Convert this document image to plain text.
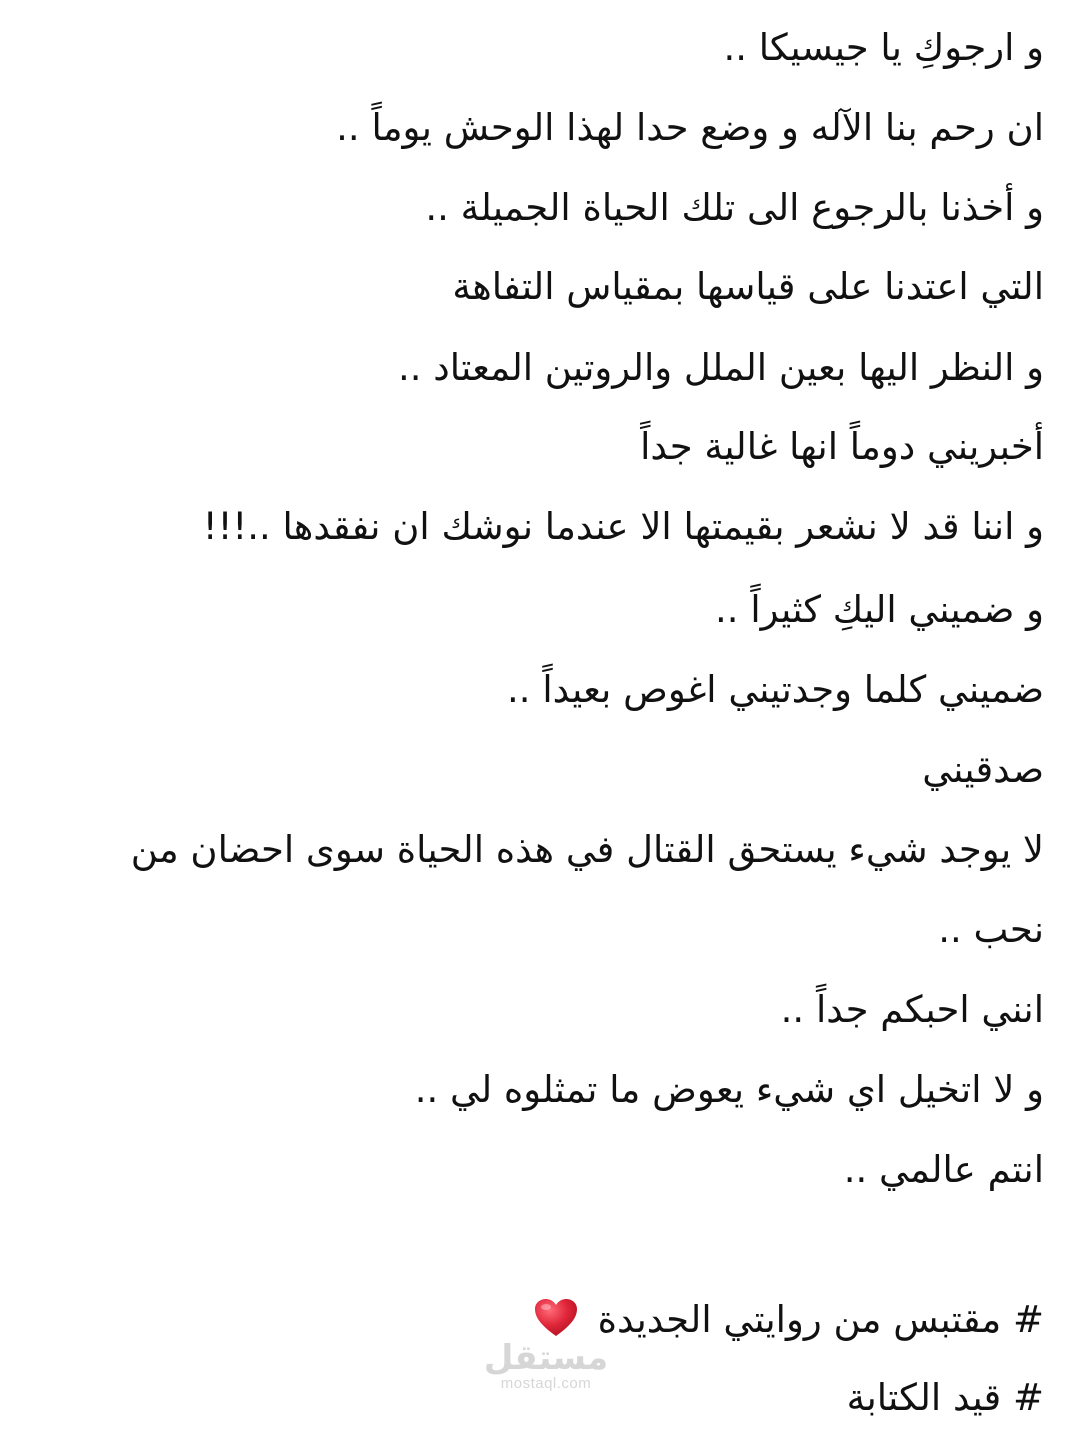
و ارجوكِ يا جيسيكا ..
ان رحم بنا الآله و وضع حدا لهذا الوحش يوماً ..
و أخذنا بالرجوع الى تلك الحياة الجميلة ..
التي اعتدنا على قياسها بمقياس التفاهة
و النظر اليها بعين الملل والروتين المعتاد ..
أخبريني دوماً انها غالية جداً
و اننا قد لا نشعر بقيمتها الا عندما نوشك ان نفقدها ..!!!
و ضميني اليكِ كثيراً ..
ضميني كلما وجدتيني اغوص بعيداً ..
صدقيني
لا يوجد شيء يستحق القتال في هذه الحياة سوى احضان من
نحب ..
انني احبكم جداً ..
و لا اتخيل اي شيء يعوض ما تمثلوه لي ..
انتم عالمي ..
# مقتبس من روايتي الجديدة
# قيد الكتابة
مستقل
mostaql.com
